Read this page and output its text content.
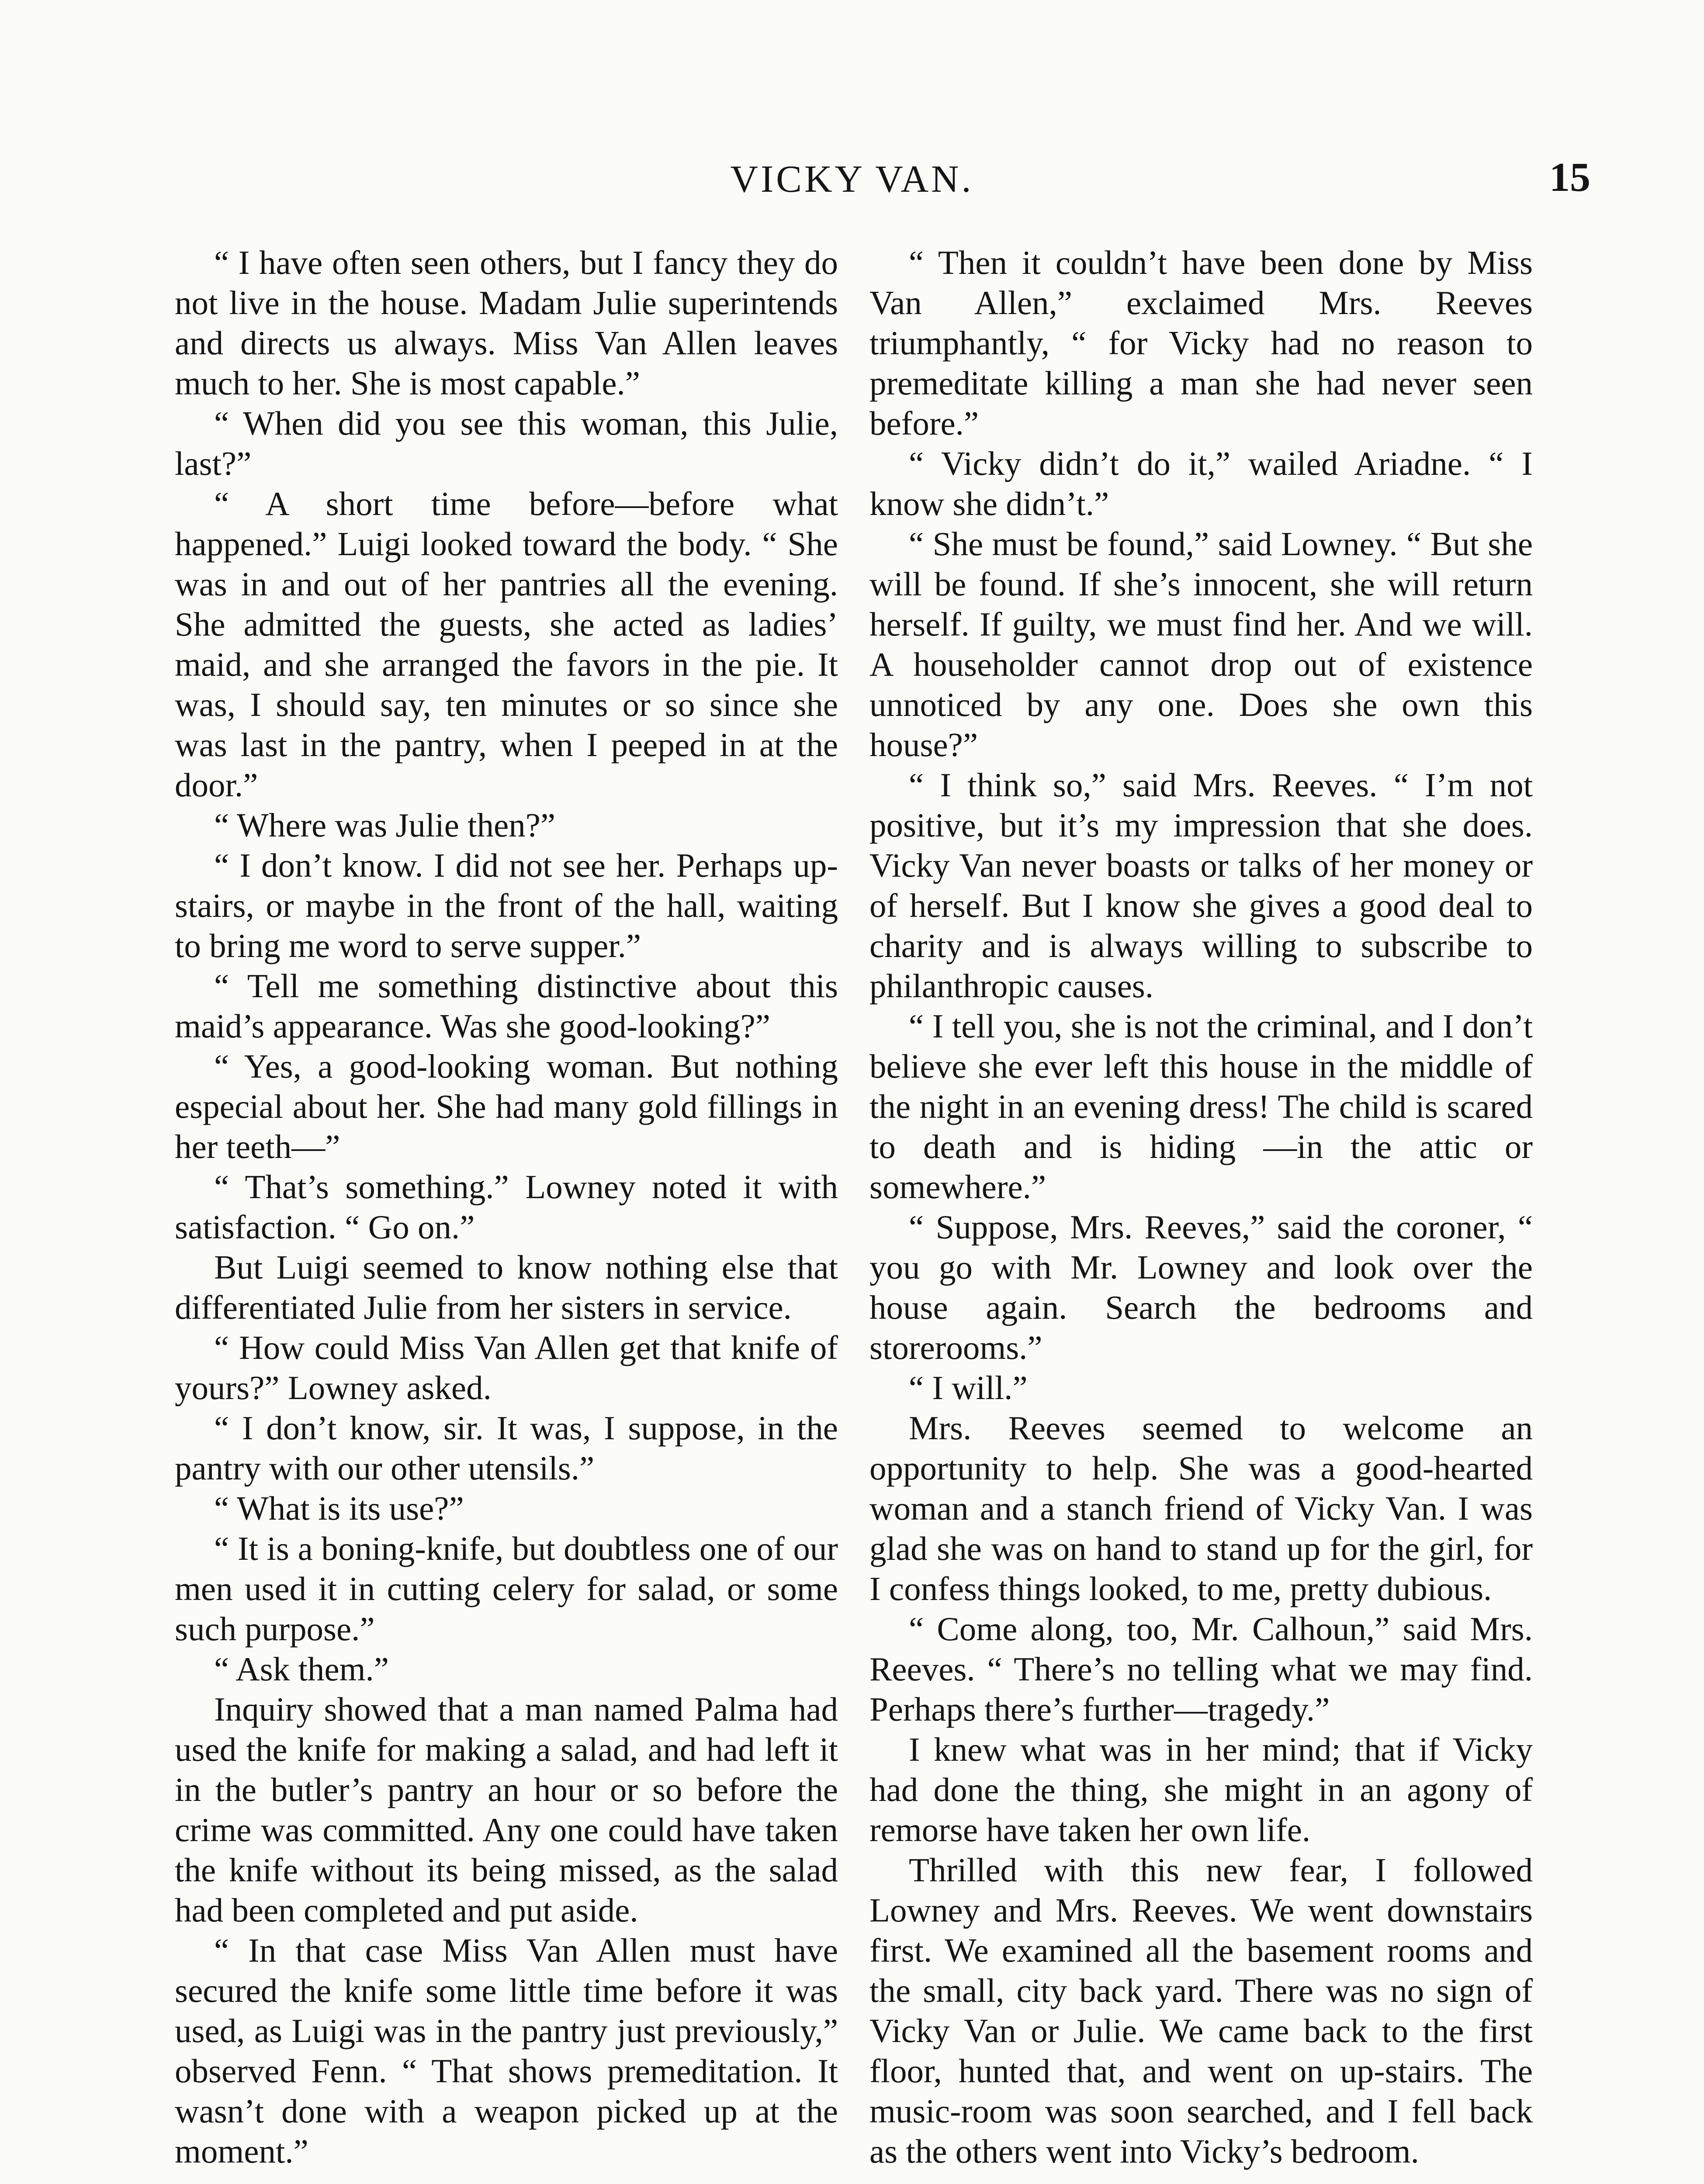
VICKY VAN.	15

“ I have often seen others, but I fancy they do not live in the house. Madam Julie superintends and directs us always. Miss Van Allen leaves much to her. She is most capable.”

“ When did you see this woman, this Julie, last?”

“ A short time before—before what happened.” Luigi looked toward the body. “ She was in and out of her pantries all the evening. She admitted the guests, she acted as ladies’ maid, and she arranged the favors in the pie. It was, I should say, ten minutes or so since she was last in the pantry, when I peeped in at the door.”

“ Where was Julie then?”

“ I don’t know. I did not see her. Perhaps up-stairs, or maybe in the front of the hall, waiting to bring me word to serve supper.”

“ Tell me something distinctive about this maid’s appearance. Was she good-looking?”

“ Yes, a good-looking woman. But nothing especial about her. She had many gold fillings in her teeth—”

“ That’s something.” Lowney noted it with satisfaction. “ Go on.”

But Luigi seemed to know nothing else that differentiated Julie from her sisters in service.

“ How could Miss Van Allen get that knife of yours?” Lowney asked.

“ I don’t know, sir. It was, I suppose, in the pantry with our other utensils.”

“ What is its use?”

“ It is a boning-knife, but doubtless one of our men used it in cutting celery for salad, or some such purpose.”

“ Ask them.”

Inquiry showed that a man named Palma had used the knife for making a salad, and had left it in the butler’s pantry an hour or so before the crime was committed. Any one could have taken the knife without its being missed, as the salad had been completed and put aside.

“ In that case Miss Van Allen must have secured the knife some little time before it was used, as Luigi was in the pantry just previously,” observed Fenn. “ That shows premeditation. It wasn’t done with a weapon picked up at the moment.”

“ Then it couldn’t have been done by Miss Van Allen,” exclaimed Mrs. Reeves triumphantly, “ for Vicky had no reason to premeditate killing a man she had never seen before.”

“ Vicky didn’t do it,” wailed Ariadne. “ I know she didn’t.”

“ She must be found,” said Lowney. “ But she will be found. If she’s innocent, she will return herself. If guilty, we must find her. And we will. A householder cannot drop out of existence unnoticed by any one. Does she own this house?”

“ I think so,” said Mrs. Reeves. “ I’m not positive, but it’s my impression that she does. Vicky Van never boasts or talks of her money or of herself. But I know she gives a good deal to charity and is always willing to subscribe to philanthropic causes.

“ I tell you, she is not the criminal, and I don’t believe she ever left this house in the middle of the night in an evening dress! The child is scared to death and is hiding —in the attic or somewhere.”

“ Suppose, Mrs. Reeves,” said the coroner, “ you go with Mr. Lowney and look over the house again. Search the bedrooms and storerooms.”

“ I will.”

Mrs. Reeves seemed to welcome an opportunity to help. She was a good-hearted woman and a stanch friend of Vicky Van. I was glad she was on hand to stand up for the girl, for I confess things looked, to me, pretty dubious.

“ Come along, too, Mr. Calhoun,” said Mrs. Reeves. “ There’s no telling what we may find. Perhaps there’s further—tragedy.”

I knew what was in her mind; that if Vicky had done the thing, she might in an agony of remorse have taken her own life.

Thrilled with this new fear, I followed Lowney and Mrs. Reeves. We went downstairs first. We examined all the basement rooms and the small, city back yard. There was no sign of Vicky Van or Julie. We came back to the first floor, hunted that, and went on up-stairs. The music-room was soon searched, and I fell back as the others went into Vicky’s bedroom.
